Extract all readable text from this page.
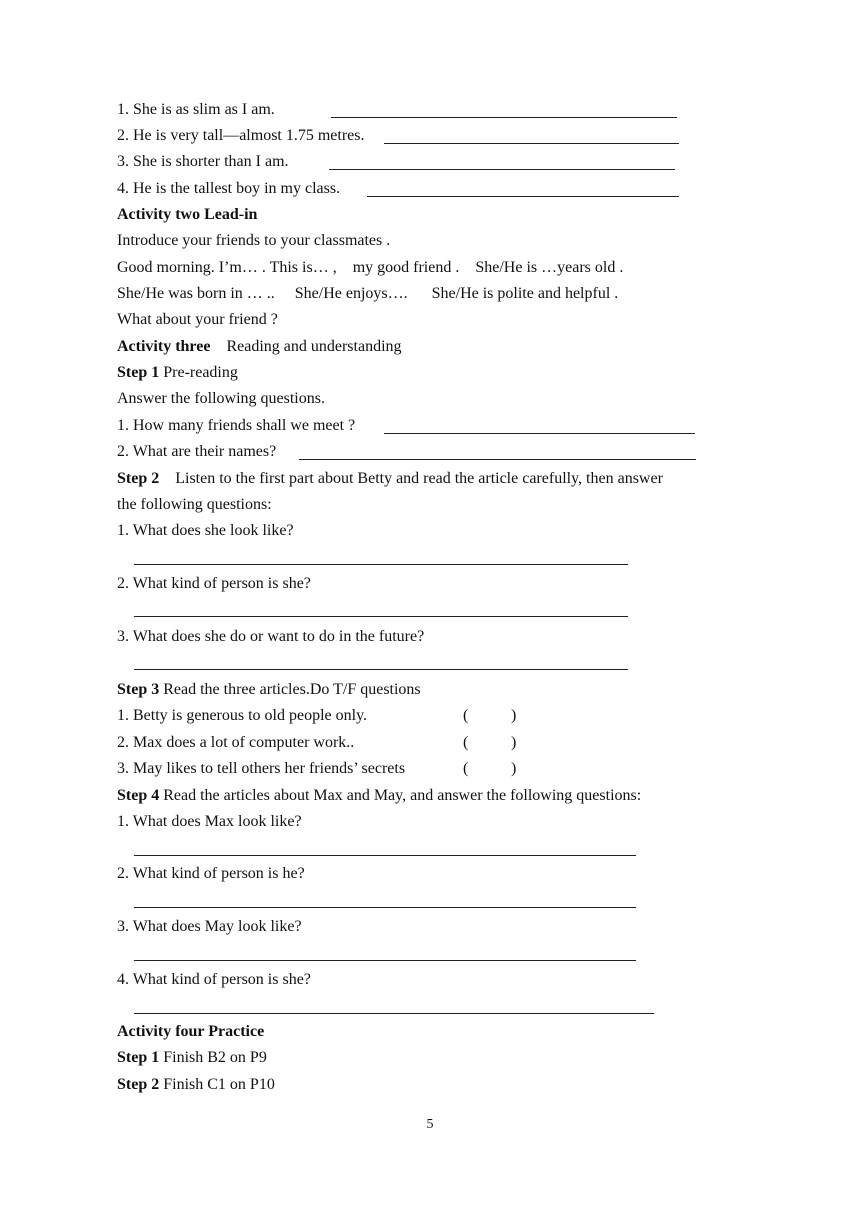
1. She is as slim as I am.
2. He is very tall—almost 1.75 metres.
3. She is shorter than I am.
4. He is the tallest boy in my class.
Activity two Lead-in
Introduce your friends to your classmates .
Good morning. I’m… . This is… ,    my good friend .    She/He is …years old .
She/He was born in … ..     She/He enjoys….      She/He is polite and helpful .
What about your friend ?
Activity three    Reading and understanding
Step 1 Pre-reading
Answer the following questions.
1. How many friends shall we meet ?
2. What are their names?
Step 2    Listen to the first part about Betty and read the article carefully, then answer
the following questions:
1. What does she look like?
2. What kind of person is she?
3. What does she do or want to do in the future?
Step 3 Read the three articles.Do T/F questions
1. Betty is generous to old people only.	(	)
2. Max does a lot of computer work..	(	)
3. May likes to tell others her friends’ secrets	(	)
Step 4 Read the articles about Max and May, and answer the following questions:
1. What does Max look like?
2. What kind of person is he?
3. What does May look like?
4. What kind of person is she?
Activity four Practice
Step 1 Finish B2 on P9
Step 2 Finish C1 on P10
5
